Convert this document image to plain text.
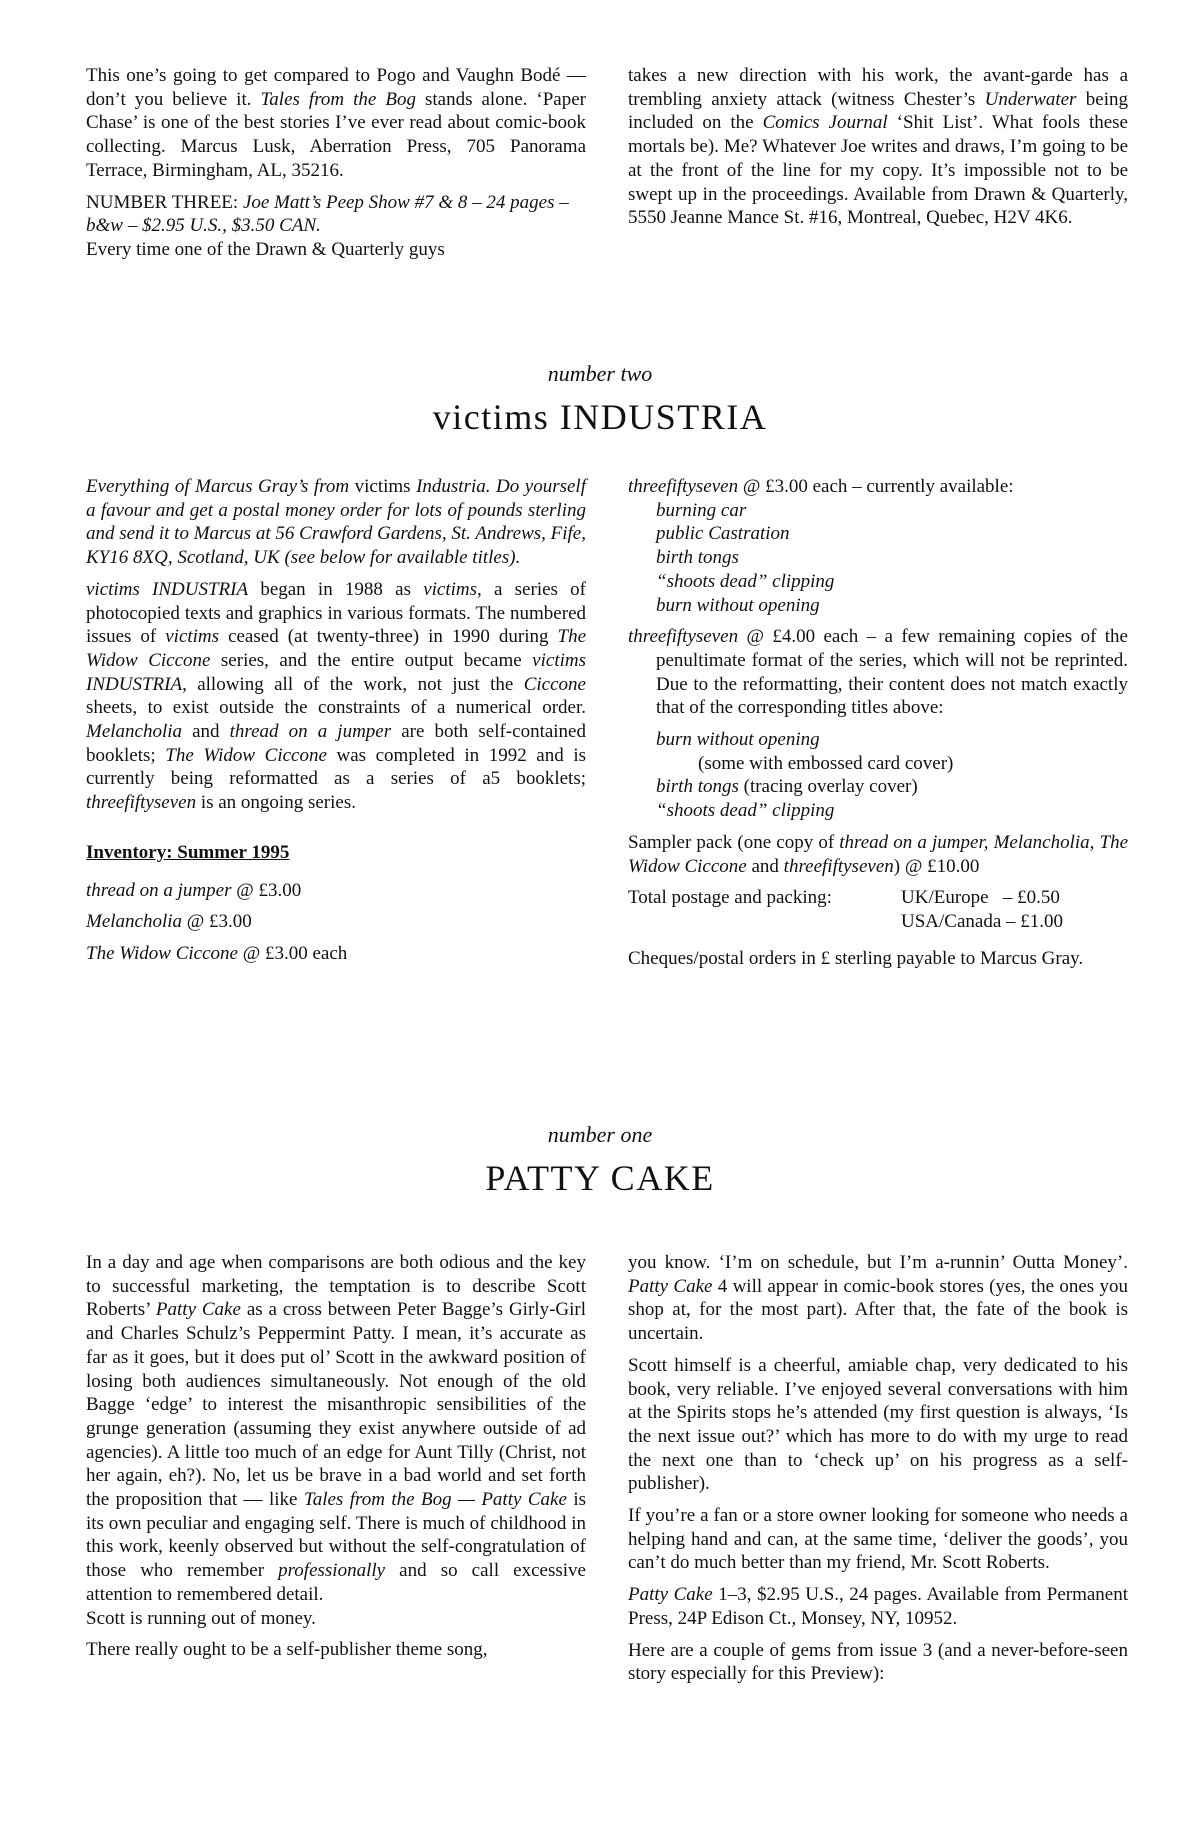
This one’s going to get compared to Pogo and Vaughn Bodé — don’t you believe it. Tales from the Bog stands alone. ‘Paper Chase’ is one of the best stories I’ve ever read about comic-book collecting. Marcus Lusk, Aberration Press, 705 Panorama Terrace, Birmingham, AL, 35216.

NUMBER THREE: Joe Matt’s Peep Show #7 & 8 – 24 pages – b&w – $2.95 U.S., $3.50 CAN.

Every time one of the Drawn & Quarterly guys

takes a new direction with his work, the avant-garde has a trembling anxiety attack (witness Chester’s Underwater being included on the Comics Journal ‘Shit List’. What fools these mortals be). Me? Whatever Joe writes and draws, I’m going to be at the front of the line for my copy. It’s impossible not to be swept up in the proceedings. Available from Drawn & Quarterly, 5550 Jeanne Mance St. #16, Montreal, Quebec, H2V 4K6.

number two
victims INDUSTRIA

Everything of Marcus Gray’s from victims Industria. Do yourself a favour and get a postal money order for lots of pounds sterling and send it to Marcus at 56 Crawford Gardens, St. Andrews, Fife, KY16 8XQ, Scotland, UK (see below for available titles).

victims INDUSTRIA began in 1988 as victims, a series of photocopied texts and graphics in various formats. The numbered issues of victims ceased (at twenty-three) in 1990 during The Widow Ciccone series, and the entire output became victims INDUSTRIA, allowing all of the work, not just the Ciccone sheets, to exist outside the constraints of a numerical order. Melancholia and thread on a jumper are both self-contained booklets; The Widow Ciccone was completed in 1992 and is currently being reformatted as a series of a5 booklets; threefiftyseven is an ongoing series.

Inventory: Summer 1995

thread on a jumper @ £3.00

Melancholia @ £3.00

The Widow Ciccone @ £3.00 each

threefiftyseven @ £3.00 each – currently available:

burning car

public Castration

birth tongs

“shoots dead” clipping

burn without opening

threefiftyseven @ £4.00 each – a few remaining copies of the penultimate format of the series, which will not be reprinted. Due to the reformatting, their content does not match exactly that of the corresponding titles above:

burn without opening

(some with embossed card cover)

birth tongs (tracing overlay cover)

“shoots dead” clipping

Sampler pack (one copy of thread on a jumper, Melancholia, The Widow Ciccone and threefiftyseven) @ £10.00

Total postage and packing:	UK/Europe   – £0.50
USA/Canada – £1.00

Cheques/postal orders in £ sterling payable to Marcus Gray.

number one
PATTY CAKE

In a day and age when comparisons are both odious and the key to successful marketing, the temptation is to describe Scott Roberts’ Patty Cake as a cross between Peter Bagge’s Girly-Girl and Charles Schulz’s Peppermint Patty. I mean, it’s accurate as far as it goes, but it does put ol’ Scott in the awkward position of losing both audiences simultaneously. Not enough of the old Bagge ‘edge’ to interest the misanthropic sensibilities of the grunge generation (assuming they exist anywhere outside of ad agencies). A little too much of an edge for Aunt Tilly (Christ, not her again, eh?). No, let us be brave in a bad world and set forth the proposition that — like Tales from the Bog — Patty Cake is its own peculiar and engaging self. There is much of childhood in this work, keenly observed but without the self-congratulation of those who remember professionally and so call excessive attention to remembered detail.

Scott is running out of money.

There really ought to be a self-publisher theme song,

you know. ‘I’m on schedule, but I’m a-runnin’ Outta Money’. Patty Cake 4 will appear in comic-book stores (yes, the ones you shop at, for the most part). After that, the fate of the book is uncertain.

Scott himself is a cheerful, amiable chap, very dedicated to his book, very reliable. I’ve enjoyed several conversations with him at the Spirits stops he’s attended (my first question is always, ‘Is the next issue out?’ which has more to do with my urge to read the next one than to ‘check up’ on his progress as a self-publisher).

If you’re a fan or a store owner looking for someone who needs a helping hand and can, at the same time, ‘deliver the goods’, you can’t do much better than my friend, Mr. Scott Roberts.

Patty Cake 1–3, $2.95 U.S., 24 pages. Available from Permanent Press, 24P Edison Ct., Monsey, NY, 10952.

Here are a couple of gems from issue 3 (and a never-before-seen story especially for this Preview):
